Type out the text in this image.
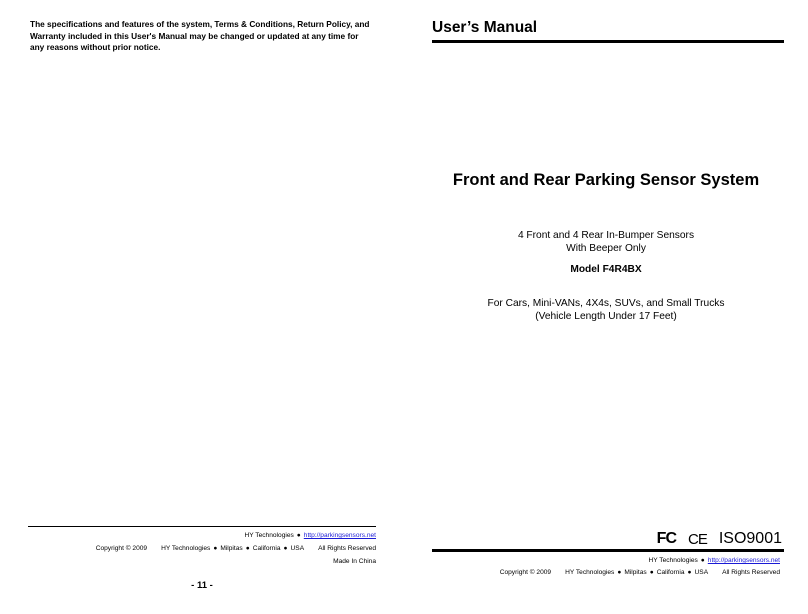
The specifications and features of the system, Terms & Conditions, Return Policy, and Warranty included in this User's Manual may be changed or updated at any time for any reasons without prior notice.
HY Technologies ● http://parkingsensors.net
Copyright © 2009 HY Technologies ● Milpitas ● California ● USA All Rights Reserved
Made In China
- 11 -
User’s Manual
Front and Rear Parking Sensor System
4 Front and 4 Rear In-Bumper Sensors
With Beeper Only
Model F4R4BX
For Cars, Mini-VANs, 4X4s, SUVs, and Small Trucks
(Vehicle Length Under 17 Feet)
FC CE ISO9001
HY Technologies ● http://parkingsensors.net
Copyright © 2009 HY Technologies ● Milpitas ● California ● USA All Rights Reserved
